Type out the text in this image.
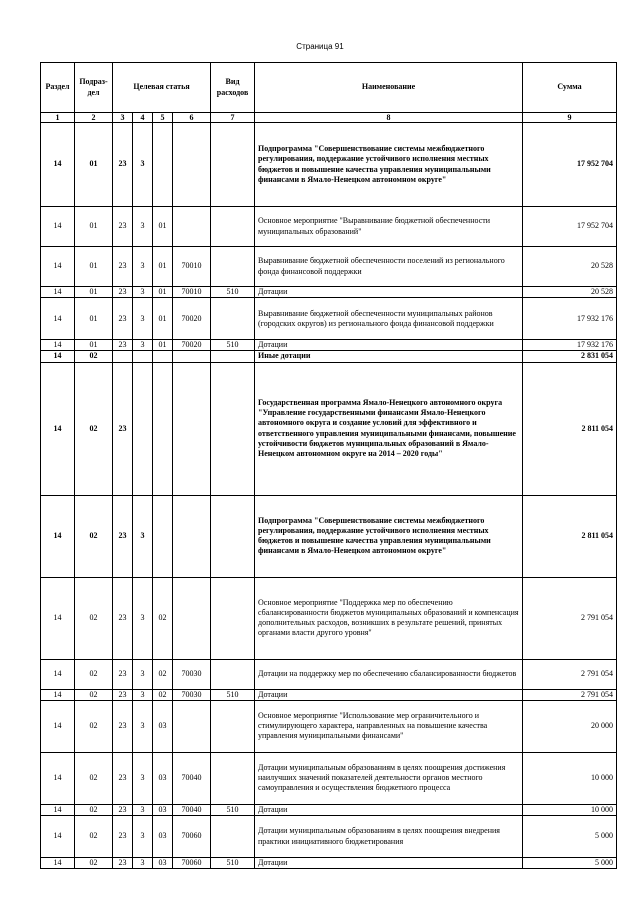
Страница 91
Раздел	Подраз-дел	Целевая статья				Вид расходов	Наименование	Сумма
1	2	3	4	5	6	7	8	9
14	01	23	3				Подпрограмма "Совершенствование системы межбюджетного регулирования, поддержание устойчивого исполнения местных бюджетов и повышение качества управления муниципальными финансами в Ямало-Ненецком автономном округе"	17 952 704
14	01	23	3	01			Основное мероприятие "Выравнивание бюджетной обеспеченности муниципальных образований"	17 952 704
14	01	23	3	01	70010		Выравнивание бюджетной обеспеченности поселений из регионального фонда финансовой поддержки	20 528
14	01	23	3	01	70010	510	Дотации	20 528
14	01	23	3	01	70020		Выравнивание бюджетной обеспеченности муниципальных районов (городских округов) из регионального фонда финансовой поддержки	17 932 176
14	01	23	3	01	70020	510	Дотации	17 932 176
14	02						Иные дотации	2 831 054
14	02	23					Государственная программа Ямало-Ненецкого автономного округа "Управление государственными финансами Ямало-Ненецкого автономного округа и создание условий для эффективного и ответственного управления муниципальными финансами, повышение устойчивости бюджетов муниципальных образований в Ямало-Ненецком автономном округе на 2014 – 2020 годы"	2 811 054
14	02	23	3				Подпрограмма "Совершенствование системы межбюджетного регулирования, поддержание устойчивого исполнения местных бюджетов и повышение качества управления муниципальными финансами в Ямало-Ненецком автономном округе"	2 811 054
14	02	23	3	02			Основное мероприятие "Поддержка мер по обеспечению сбалансированности бюджетов муниципальных образований и компенсация дополнительных расходов, возникших в результате решений, принятых органами власти другого уровня"	2 791 054
14	02	23	3	02	70030		Дотации на поддержку мер по обеспечению сбалансированности бюджетов	2 791 054
14	02	23	3	02	70030	510	Дотации	2 791 054
14	02	23	3	03			Основное мероприятие "Использование мер ограничительного и стимулирующего характера, направленных на повышение качества управления муниципальными финансами"	20 000
14	02	23	3	03	70040		Дотации муниципальным образованиям в целях поощрения достижения наилучших значений показателей деятельности органов местного самоуправления и осуществления бюджетного процесса	10 000
14	02	23	3	03	70040	510	Дотации	10 000
14	02	23	3	03	70060		Дотации муниципальным образованиям в целях поощрения внедрения практики инициативного бюджетирования	5 000
14	02	23	3	03	70060	510	Дотации	5 000
